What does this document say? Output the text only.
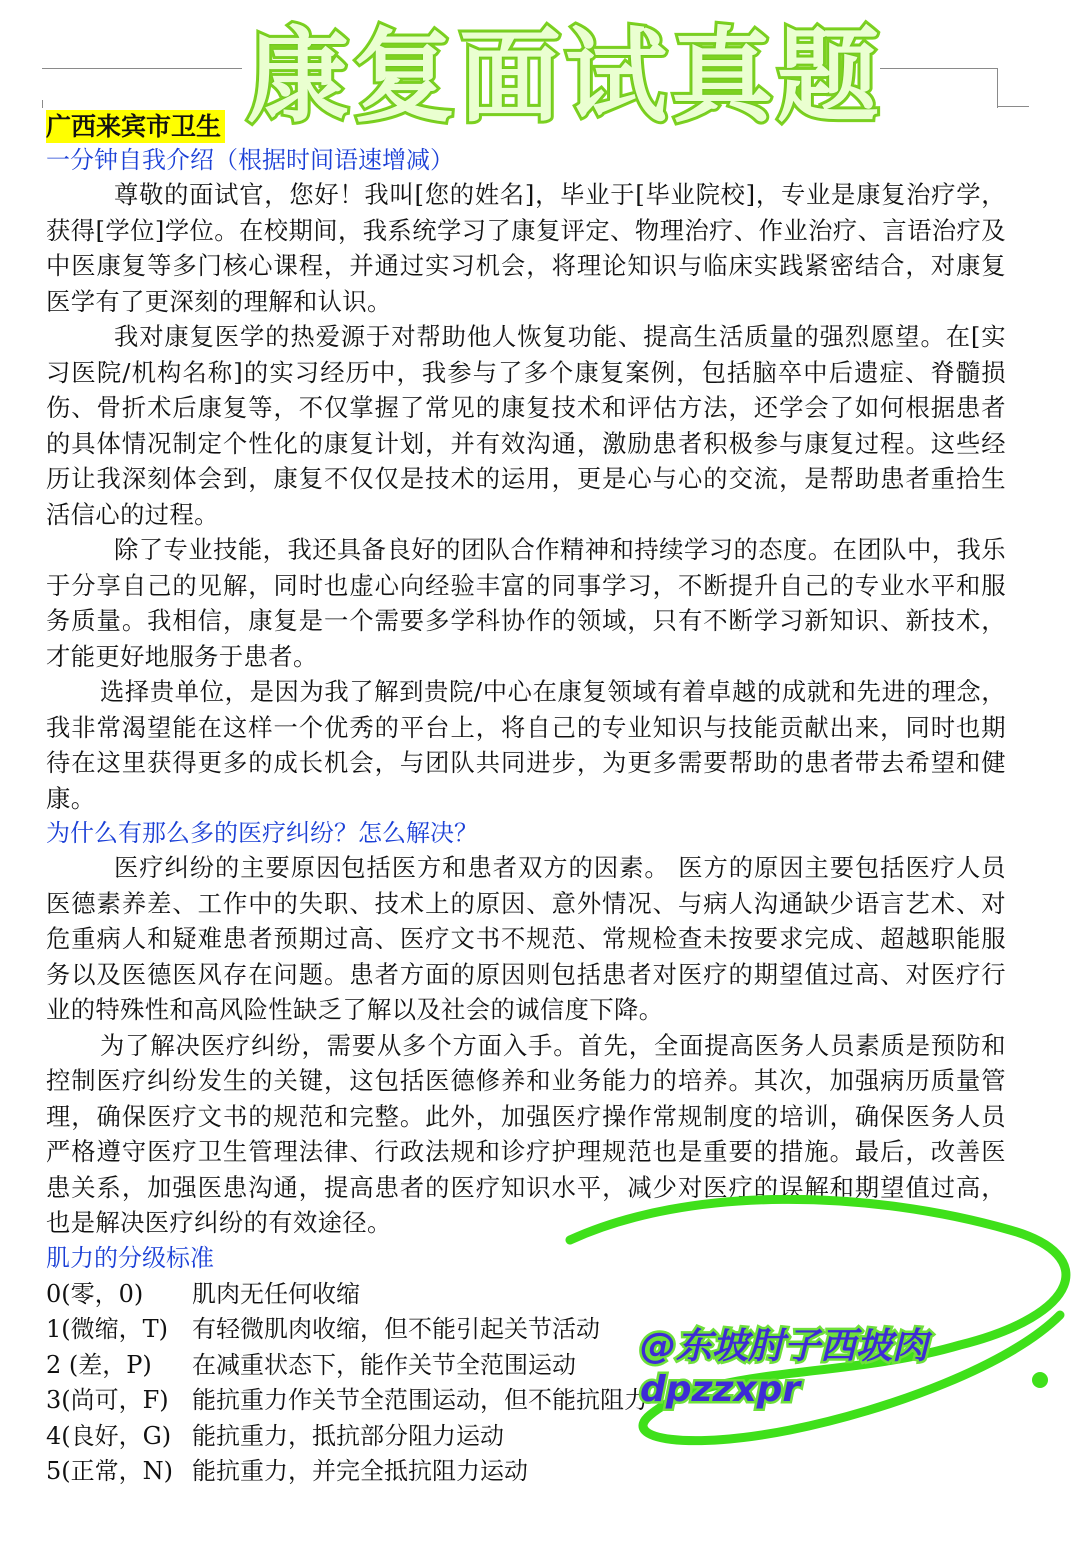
康复面试真题
广西来宾市卫生
一分钟自我介绍（根据时间语速增减）

尊敬的面试官，您好！我叫[您的姓名]，毕业于[毕业院校]，专业是康复治疗学，获得[学位]学位。在校期间，我系统学习了康复评定、物理治疗、作业治疗、言语治疗及中医康复等多门核心课程，并通过实习机会，将理论知识与临床实践紧密结合，对康复医学有了更深刻的理解和认识。

我对康复医学的热爱源于对帮助他人恢复功能、提高生活质量的强烈愿望。在[实习医院/机构名称]的实习经历中，我参与了多个康复案例，包括脑卒中后遗症、脊髓损伤、骨折术后康复等，不仅掌握了常见的康复技术和评估方法，还学会了如何根据患者的具体情况制定个性化的康复计划，并有效沟通，激励患者积极参与康复过程。这些经历让我深刻体会到，康复不仅仅是技术的运用，更是心与心的交流，是帮助患者重拾生活信心的过程。

除了专业技能，我还具备良好的团队合作精神和持续学习的态度。在团队中，我乐于分享自己的见解，同时也虚心向经验丰富的同事学习，不断提升自己的专业水平和服务质量。我相信，康复是一个需要多学科协作的领域，只有不断学习新知识、新技术，才能更好地服务于患者。

选择贵单位，是因为我了解到贵院/中心在康复领域有着卓越的成就和先进的理念，我非常渴望能在这样一个优秀的平台上，将自己的专业知识与技能贡献出来，同时也期待在这里获得更多的成长机会，与团队共同进步，为更多需要帮助的患者带去希望和健康。

为什么有那么多的医疗纠纷？怎么解决？

医疗纠纷的主要原因包括医方和患者双方的因素。 医方的原因主要包括医疗人员医德素养差、工作中的失职、技术上的原因、意外情况、与病人沟通缺少语言艺术、对危重病人和疑难患者预期过高、医疗文书不规范、常规检查未按要求完成、超越职能服务以及医德医风存在问题。患者方面的原因则包括患者对医疗的期望值过高、对医疗行业的特殊性和高风险性缺乏了解以及社会的诚信度下降。

为了解决医疗纠纷，需要从多个方面入手。首先，全面提高医务人员素质是预防和控制医疗纠纷发生的关键，这包括医德修养和业务能力的培养。其次，加强病历质量管理，确保医疗文书的规范和完整。此外，加强医疗操作常规制度的培训，确保医务人员严格遵守医疗卫生管理法律、行政法规和诊疗护理规范也是重要的措施。最后，改善医患关系，加强医患沟通，提高患者的医疗知识水平，减少对医疗的误解和期望值过高，也是解决医疗纠纷的有效途径。

肌力的分级标准
0(零，0)	肌肉无任何收缩
1(微缩，T)	有轻微肌肉收缩，但不能引起关节活动
2 (差，P)	在减重状态下，能作关节全范围运动
3(尚可，F)	能抗重力作关节全范围运动，但不能抗阻力
4(良好，G)	能抗重力，抵抗部分阻力运动
5(正常，N)	能抗重力，并完全抵抗阻力运动
@东坡肘子西坡肉dpzzxpr
